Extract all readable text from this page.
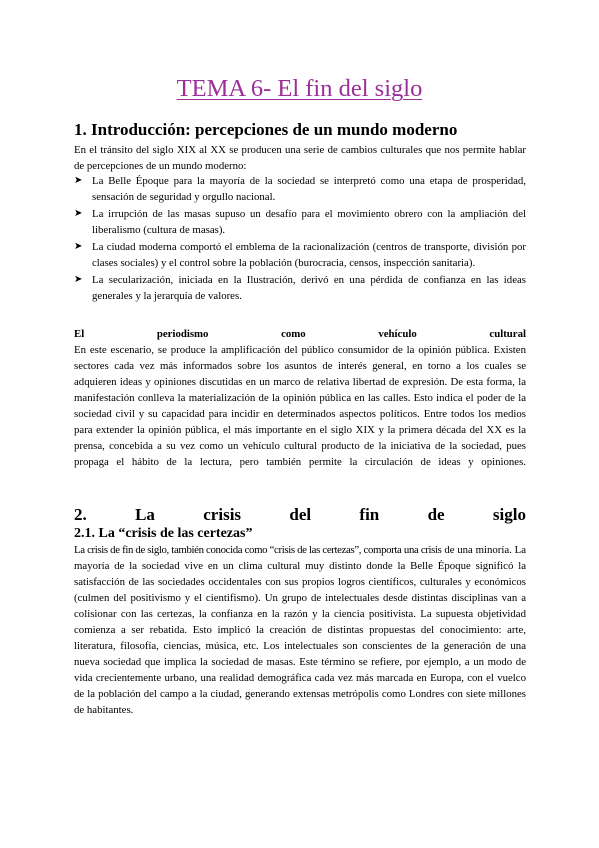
TEMA 6- El fin del siglo
1. Introducción: percepciones de un mundo moderno
En el tránsito del siglo XIX al XX se producen una serie de cambios culturales que nos permite hablar de percepciones de un mundo moderno:
➤ La Belle Époque para la mayoría de la sociedad se interpretó como una etapa de prosperidad, sensación de seguridad y orgullo nacional.
➤ La irrupción de las masas supuso un desafío para el movimiento obrero con la ampliación del liberalismo (cultura de masas).
➤ La ciudad moderna comportó el emblema de la racionalización (centros de transporte, división por clases sociales) y el control sobre la población (burocracia, censos, inspección sanitaria).
➤ La secularización, iniciada en la Ilustración, derivó en una pérdida de confianza en las ideas generales y la jerarquía de valores.
El periodismo como vehículo cultural
En este escenario, se produce la amplificación del público consumidor de la opinión pública. Existen sectores cada vez más informados sobre los asuntos de interés general, en torno a los cuales se adquieren ideas y opiniones discutidas en un marco de relativa libertad de expresión. De esta forma, la manifestación conlleva la materialización de la opinión pública en las calles. Esto indica el poder de la sociedad civil y su capacidad para incidir en determinados aspectos políticos. Entre todos los medios para extender la opinión pública, el más importante en el siglo XIX y la primera década del XX es la prensa, concebida a su vez como un vehículo cultural producto de la iniciativa de la sociedad, pues propaga el hábito de la lectura, pero también permite la circulación de ideas y opiniones.
2. La crisis del fin de siglo
2.1. La “crisis de las certezas”
La crisis de fin de siglo, también conocida como “crisis de las certezas”, comporta una crisis de una minoría. La mayoría de la sociedad vive en un clima cultural muy distinto donde la Belle Époque significó la satisfacción de las sociedades occidentales con sus propios logros científicos, culturales y económicos (culmen del positivismo y el cientifismo). Un grupo de intelectuales desde distintas disciplinas van a colisionar con las certezas, la confianza en la razón y la ciencia positivista. La supuesta objetividad comienza a ser rebatida. Esto implicó la creación de distintas propuestas del conocimiento: arte, literatura, filosofía, ciencias, música, etc. Los intelectuales son conscientes de la generación de una nueva sociedad que implica la sociedad de masas. Este término se refiere, por ejemplo, a un modo de vida crecientemente urbano, una realidad demográfica cada vez más marcada en Europa, con el vuelco de la población del campo a la ciudad, generando extensas metrópolis como Londres con siete millones de habitantes.
